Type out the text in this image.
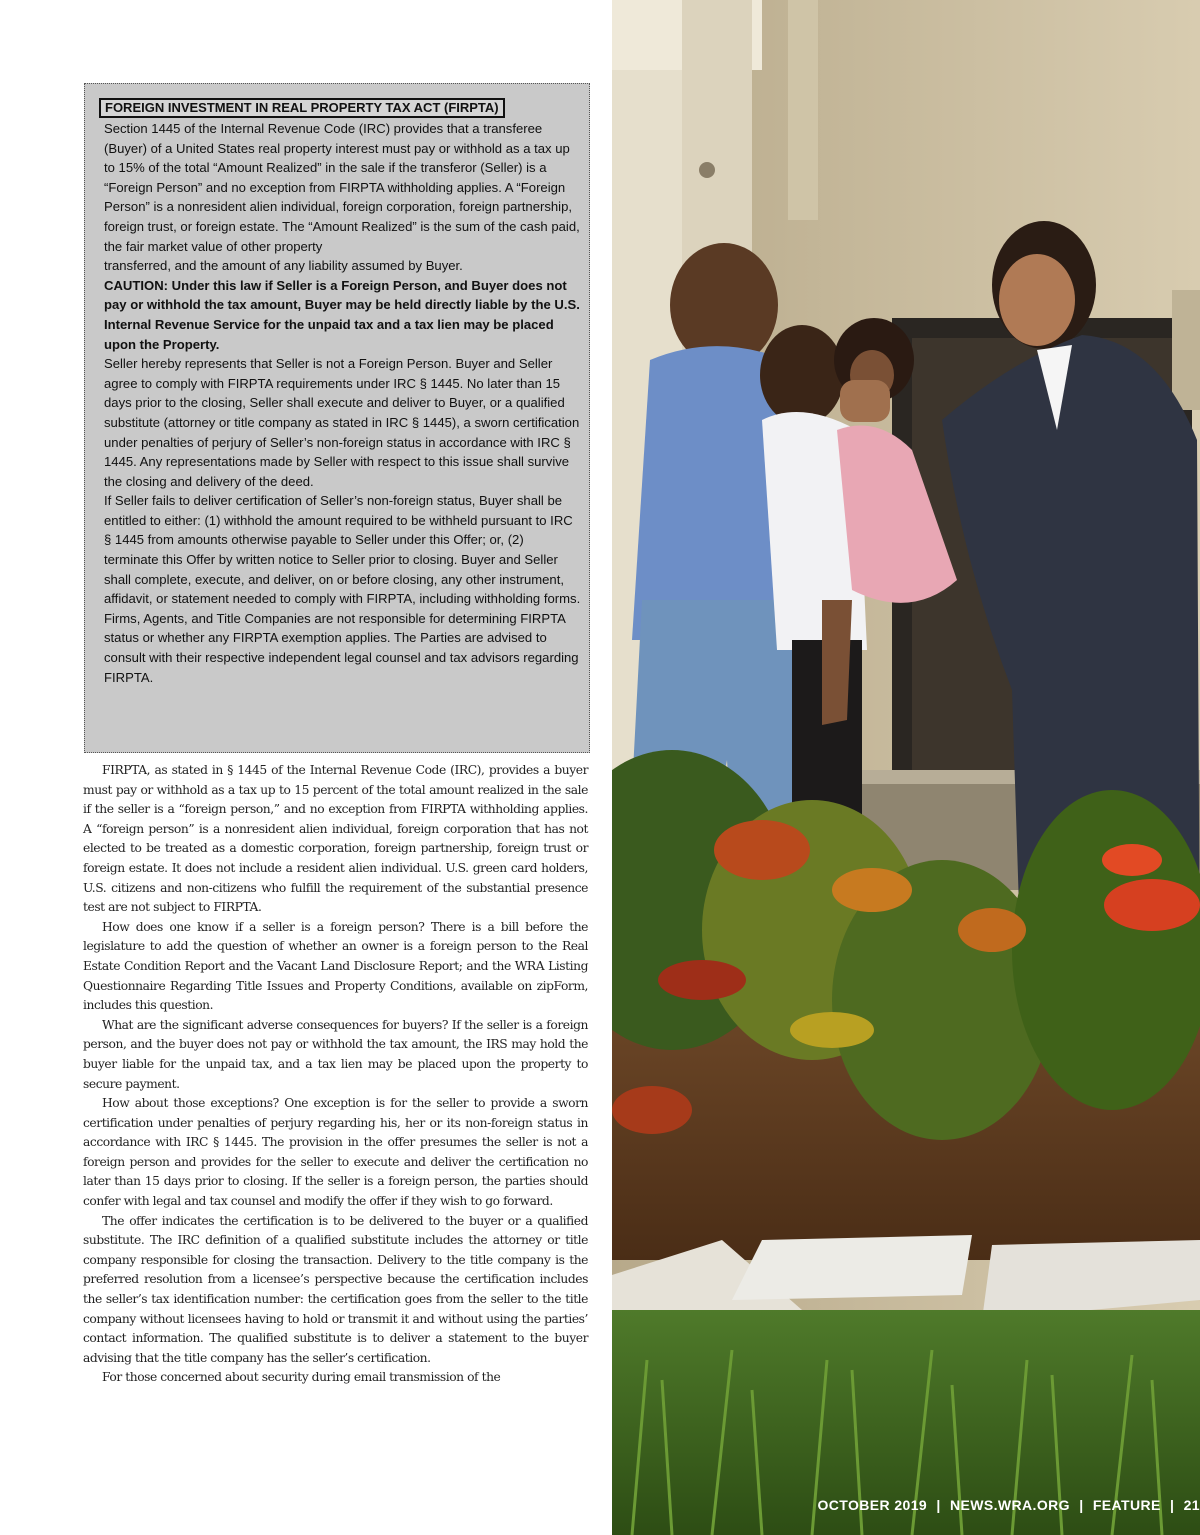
FOREIGN INVESTMENT IN REAL PROPERTY TAX ACT (FIRPTA)

Section 1445 of the Internal Revenue Code (IRC) provides that a transferee (Buyer) of a United States real property interest must pay or withhold as a tax up to 15% of the total “Amount Realized” in the sale if the transferor (Seller) is a “Foreign Person” and no exception from FIRPTA withholding applies. A “Foreign Person” is a nonresident alien individual, foreign corporation, foreign partnership, foreign trust, or foreign estate. The “Amount Realized” is the sum of the cash paid, the fair market value of other property

transferred, and the amount of any liability assumed by Buyer.

CAUTION: Under this law if Seller is a Foreign Person, and Buyer does not pay or withhold the tax amount, Buyer may be held directly liable by the U.S. Internal Revenue Service for the unpaid tax and a tax lien may be placed upon the Property.

Seller hereby represents that Seller is not a Foreign Person. Buyer and Seller agree to comply with FIRPTA requirements under IRC § 1445. No later than 15 days prior to the closing, Seller shall execute and deliver to Buyer, or a qualified substitute (attorney or title company as stated in IRC § 1445), a sworn certification under penalties of perjury of Seller’s non-foreign status in accordance with IRC § 1445. Any representations made by Seller with respect to this issue shall survive the closing and delivery of the deed.

If Seller fails to deliver certification of Seller’s non-foreign status, Buyer shall be entitled to either: (1) withhold the amount required to be withheld pursuant to IRC § 1445 from amounts otherwise payable to Seller under this Offer; or, (2) terminate this Offer by written notice to Seller prior to closing. Buyer and Seller shall complete, execute, and deliver, on or before closing, any other instrument, affidavit, or statement needed to comply with FIRPTA, including withholding forms.

Firms, Agents, and Title Companies are not responsible for determining FIRPTA status or whether any FIRPTA exemption applies. The Parties are advised to consult with their respective independent legal counsel and tax advisors regarding FIRPTA.

FIRPTA, as stated in § 1445 of the Internal Revenue Code (IRC), provides a buyer must pay or withhold as a tax up to 15 percent of the total amount realized in the sale if the seller is a “foreign person,” and no exception from FIRPTA withholding applies. A “foreign person” is a nonresident alien individual, foreign corporation that has not elected to be treated as a domestic corporation, foreign partnership, foreign trust or foreign estate. It does not include a resident alien individual. U.S. green card holders, U.S. citizens and non-citizens who fulfill the requirement of the substantial presence test are not subject to FIRPTA.

How does one know if a seller is a foreign person? There is a bill before the legislature to add the question of whether an owner is a foreign person to the Real Estate Condition Report and the Vacant Land Disclosure Report; and the WRA Listing Questionnaire Regarding Title Issues and Property Conditions, available on zipForm, includes this question.

What are the significant adverse consequences for buyers? If the seller is a foreign person, and the buyer does not pay or withhold the tax amount, the IRS may hold the buyer liable for the unpaid tax, and a tax lien may be placed upon the property to secure payment.

How about those exceptions? One exception is for the seller to provide a sworn certification under penalties of perjury regarding his, her or its non-foreign status in accordance with IRC § 1445. The provision in the offer presumes the seller is not a foreign person and provides for the seller to execute and deliver the certification no later than 15 days prior to closing. If the seller is a foreign person, the parties should confer with legal and tax counsel and modify the offer if they wish to go forward.

The offer indicates the certification is to be delivered to the buyer or a qualified substitute. The IRC definition of a qualified substitute includes the attorney or title company responsible for closing the transaction. Delivery to the title company is the preferred resolution from a licensee’s perspective because the certification includes the seller’s tax identification number: the certification goes from the seller to the title company without licensees having to hold or transmit it and without using the parties’ contact information. The qualified substitute is to deliver a statement to the buyer advising that the title company has the seller’s certification.

For those concerned about security during email transmission of the

OCTOBER 2019 | NEWS.WRA.ORG | FEATURE | 21
